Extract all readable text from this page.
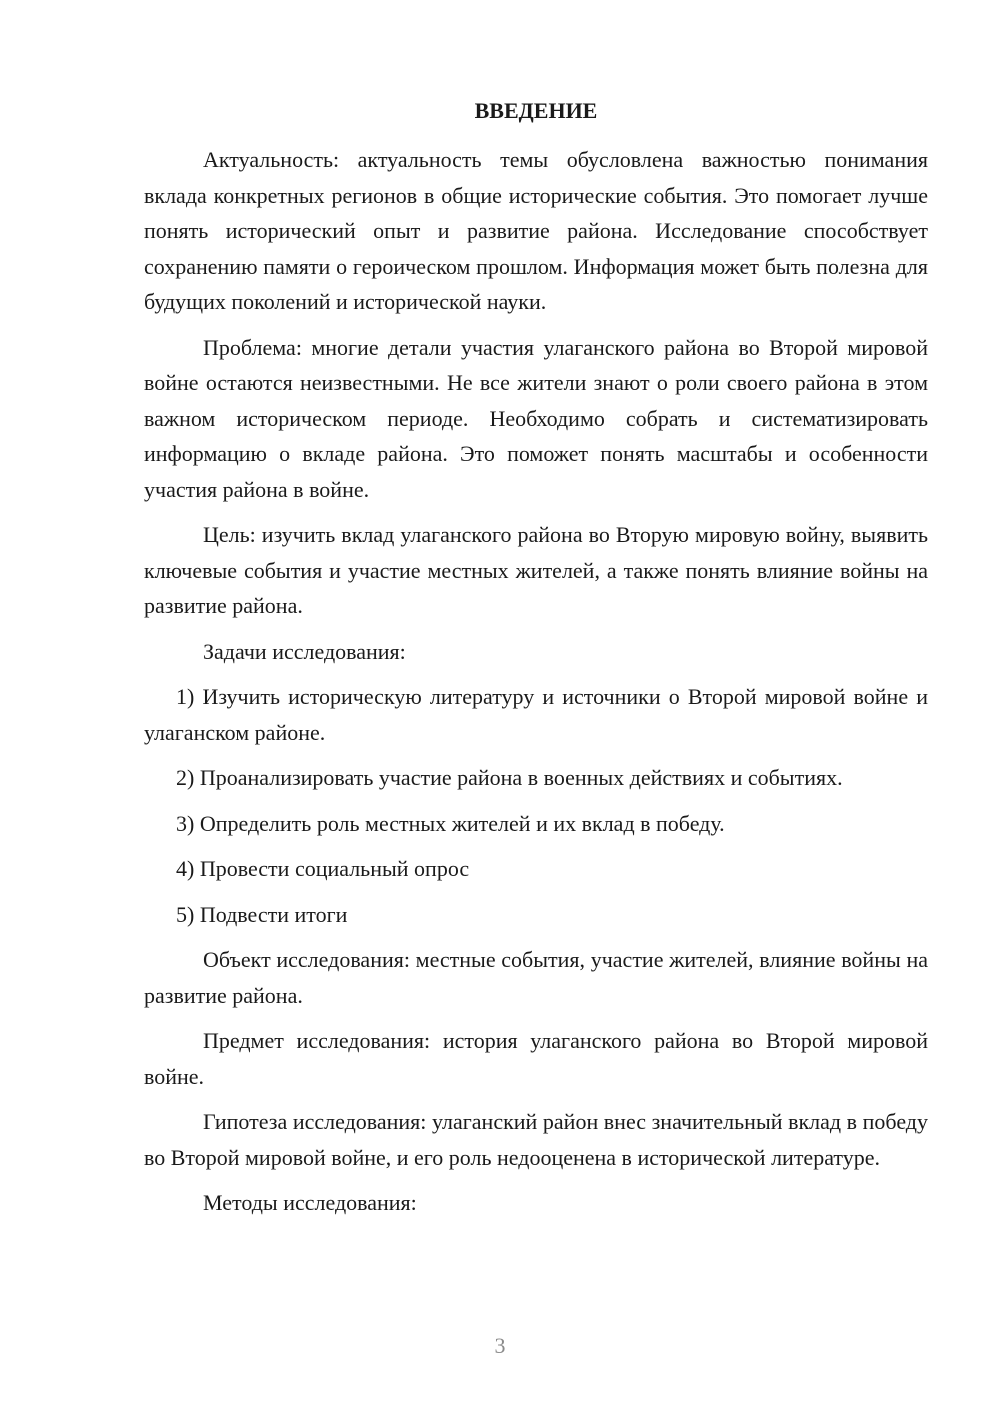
ВВЕДЕНИЕ

Актуальность: актуальность темы обусловлена важностью понимания вклада конкретных регионов в общие исторические события. Это помогает лучше понять исторический опыт и развитие района. Исследование способствует сохранению памяти о героическом прошлом. Информация может быть полезна для будущих поколений и исторической науки.

Проблема: многие детали участия улаганского района во Второй мировой войне остаются неизвестными. Не все жители знают о роли своего района в этом важном историческом периоде. Необходимо собрать и систематизировать информацию о вкладе района. Это поможет понять масштабы и особенности участия района в войне.

Цель: изучить вклад улаганского района во Вторую мировую войну, выявить ключевые события и участие местных жителей, а также понять влияние войны на развитие района.

Задачи исследования:

1) Изучить историческую литературу и источники о Второй мировой войне и улаганском районе.

2) Проанализировать участие района в военных действиях и событиях.

3) Определить роль местных жителей и их вклад в победу.

4) Провести социальный опрос

5) Подвести итоги

Объект исследования: местные события, участие жителей, влияние войны на развитие района.

Предмет исследования: история улаганского района во Второй мировой войне.

Гипотеза исследования: улаганский район внес значительный вклад в победу во Второй мировой войне, и его роль недооценена в исторической литературе.

Методы исследования:

3
